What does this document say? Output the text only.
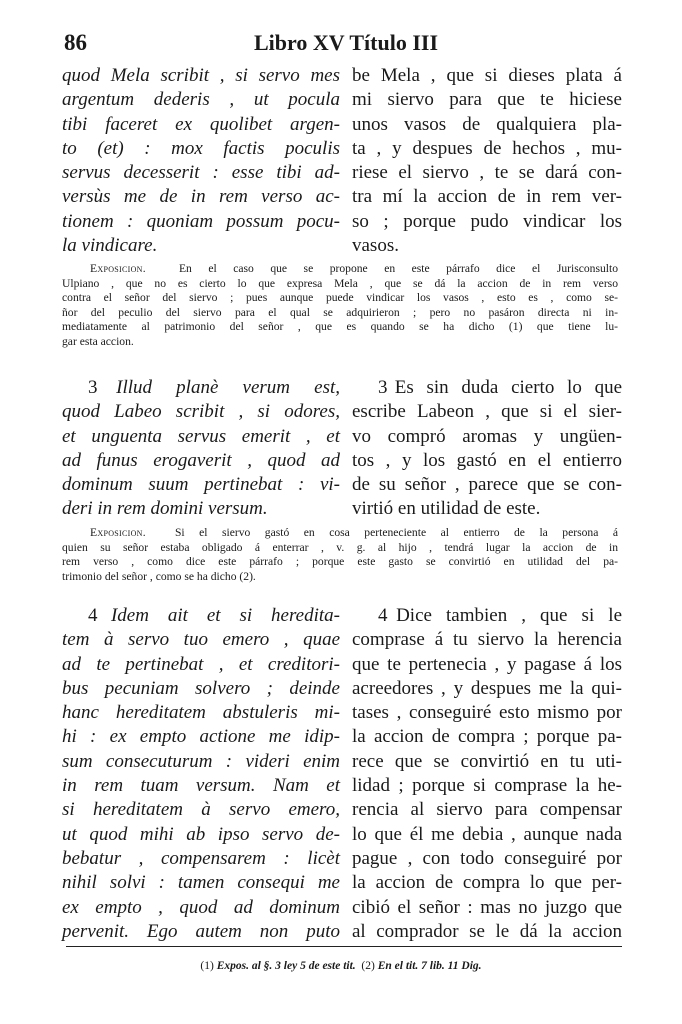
86	Libro XV Título III
quod Mela scribit , si servo mes
argentum dederis , ut pocula
tibi faceret ex quolibet argen-
to (et) : mox factis poculis
servus decesserit : esse tibi ad-
versùs me de in rem verso ac-
tionem : quoniam possum pocu-
la vindicare.
be Mela , que si dieses plata á
mi siervo para que te hiciese
unos vasos de qualquiera pla-
ta , y despues de hechos , mu-
riese el siervo , te se dará con-
tra mí la accion de in rem ver-
so ; porque pudo vindicar los
vasos.
Exposicion.	En el caso que se propone en este párrafo dice el Jurisconsulto
Ulpiano , que no es cierto lo que expresa Mela , que se dá la accion de in rem verso
contra el señor del siervo ; pues aunque puede vindicar los vasos , esto es , como se-
ñor del peculio del siervo para el qual se adquirieron ; pero no pasáron directa ni in-
mediatamente al patrimonio del señor , que es quando se ha dicho (1) que tiene lu-
gar esta accion.
3 Illud planè verum est,
quod Labeo scribit , si odores,
et unguenta servus emerit , et
ad funus erogaverit , quod ad
dominum suum pertinebat : vi-
deri in rem domini versum.
3 Es sin duda cierto lo que
escribe Labeon , que si el sier-
vo compró aromas y ungüen-
tos , y los gastó en el entierro
de su señor , parece que se con-
virtió en utilidad de este.
Exposicion.	Si el siervo gastó en cosa perteneciente al entierro de la persona á
quien su señor estaba obligado á enterrar , v. g. al hijo , tendrá lugar la accion de in
rem verso , como dice este párrafo ; porque este gasto se convirtió en utilidad del pa-
trimonio del señor , como se ha dicho (2).
4 Idem ait et si heredita-
tem à servo tuo emero , quae
ad te pertinebat , et creditori-
bus pecuniam solvero ; deinde
hanc hereditatem abstuleris mi-
hi : ex empto actione me idip-
sum consecuturum : videri enim
in rem tuam versum. Nam et
si hereditatem à servo emero,
ut quod mihi ab ipso servo de-
bebatur , compensarem : licèt
nihil solvi : tamen consequi me
ex empto , quod ad dominum
pervenit. Ego autem non puto
4 Dice tambien , que si le
comprase á tu siervo la herencia
que te pertenecia , y pagase á los
acreedores , y despues me la qui-
tases , conseguiré esto mismo por
la accion de compra ; porque pa-
rece que se convirtió en tu uti-
lidad ; porque si comprase la he-
rencia al siervo para compensar
lo que él me debia , aunque nada
pague , con todo conseguiré por
la accion de compra lo que per-
cibió el señor : mas no juzgo que
al comprador se le dá la accion
(1) Expos. al §. 3 ley 5 de este tit. (2) En el tit. 7 lib. 11 Dig.
